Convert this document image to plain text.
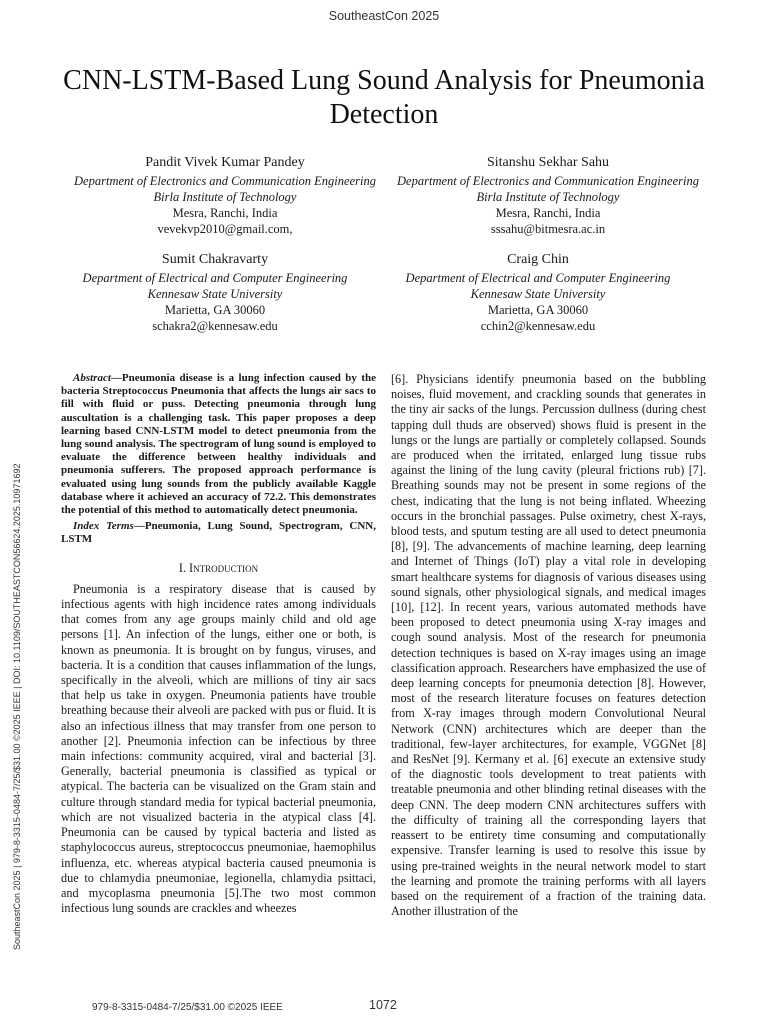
SoutheastCon 2025
CNN-LSTM-Based Lung Sound Analysis for Pneumonia Detection
Pandit Vivek Kumar Pandey
Department of Electronics and Communication Engineering
Birla Institute of Technology
Mesra, Ranchi, India
vevekvp2010@gmail.com,
Sitanshu Sekhar Sahu
Department of Electronics and Communication Engineering
Birla Institute of Technology
Mesra, Ranchi, India
sssahu@bitmesra.ac.in
Sumit Chakravarty
Department of Electrical and Computer Engineering
Kennesaw State University
Marietta, GA 30060
schakra2@kennesaw.edu
Craig Chin
Department of Electrical and Computer Engineering
Kennesaw State University
Marietta, GA 30060
cchin2@kennesaw.edu

Abstract—Pneumonia disease is a lung infection caused by the bacteria Streptococcus Pneumonia that affects the lungs air sacs to fill with fluid or puss. Detecting pneumonia through lung auscultation is a challenging task. This paper proposes a deep learning based CNN-LSTM model to detect pneumonia from the lung sound analysis. The spectrogram of lung sound is employed to evaluate the difference between healthy individuals and pneumonia sufferers. The proposed approach performance is evaluated using lung sounds from the publicly available Kaggle database where it achieved an accuracy of 72.2. This demonstrates the potential of this method to automatically detect pneumonia.

Index Terms—Pneumonia, Lung Sound, Spectrogram, CNN, LSTM

I. Introduction

Pneumonia is a respiratory disease that is caused by infectious agents with high incidence rates among individuals that comes from any age groups mainly child and old age persons [1]. An infection of the lungs, either one or both, is known as pneumonia. It is brought on by fungus, viruses, and bacteria. It is a condition that causes inflammation of the lungs, specifically in the alveoli, which are millions of tiny air sacs that help us take in oxygen. Pneumonia patients have trouble breathing because their alveoli are packed with pus or fluid. It is also an infectious illness that may transfer from one person to another [2]. Pneumonia infection can be infectious by three main infections: community acquired, viral and bacterial [3]. Generally, bacterial pneumonia is classified as typical or atypical. The bacteria can be visualized on the Gram stain and culture through standard media for typical bacterial pneumonia, which are not visualized bacteria in the atypical class [4]. Pneumonia can be caused by typical bacteria and listed as staphylococcus aureus, streptococcus pneumoniae, haemophilus influenza, etc. whereas atypical bacteria caused pneumonia is due to chlamydia pneumoniae, legionella, chlamydia psittaci, and mycoplasma pneumonia [5].The two most common infectious lung sounds are crackles and wheezes

[6]. Physicians identify pneumonia based on the bubbling noises, fluid movement, and crackling sounds that generates in the tiny air sacks of the lungs. Percussion dullness (during chest tapping dull thuds are observed) shows fluid is present in the lungs or the lungs are partially or completely collapsed. Sounds are produced when the irritated, enlarged lung tissue rubs against the lining of the lung cavity (pleural frictions rub) [7]. Breathing sounds may not be present in some regions of the chest, indicating that the lung is not being inflated. Wheezing occurs in the bronchial passages. Pulse oximetry, chest X-rays, blood tests, and sputum testing are all used to detect pneumonia [8], [9]. The advancements of machine learning, deep learning and Internet of Things (IoT) play a vital role in developing smart healthcare systems for diagnosis of various diseases using sound signals, other physiological signals, and medical images [10], [12]. In recent years, various automated methods have been proposed to detect pneumonia using X-ray images and cough sound analysis. Most of the research for pneumonia detection techniques is based on X-ray images using an image classification approach. Researchers have emphasized the use of deep learning concepts for pneumonia detection [8]. However, most of the research literature focuses on features detection from X-ray images through modern Convolutional Neural Network (CNN) architectures which are deeper than the traditional, few-layer architectures, for example, VGGNet [8] and ResNet [9]. Kermany et al. [6] execute an extensive study of the diagnostic tools development to treat patients with treatable pneumonia and other blinding retinal diseases with the deep CNN. The deep modern CNN architectures suffers with the difficulty of training all the corresponding layers that reassert to be entirety time consuming and computationally expensive. Transfer learning is used to resolve this issue by using pre-trained weights in the neural network model to start the learning and promote the training performs with all layers based on the requirement of a fraction of the training data. Another illustration of the

SoutheastCon 2025 | 979-8-3315-0484-7/25/$31.00 ©2025 IEEE | DOI: 10.1109/SOUTHEASTCON56624.2025.10971692
979-8-3315-0484-7/25/$31.00 ©2025 IEEE	1072
